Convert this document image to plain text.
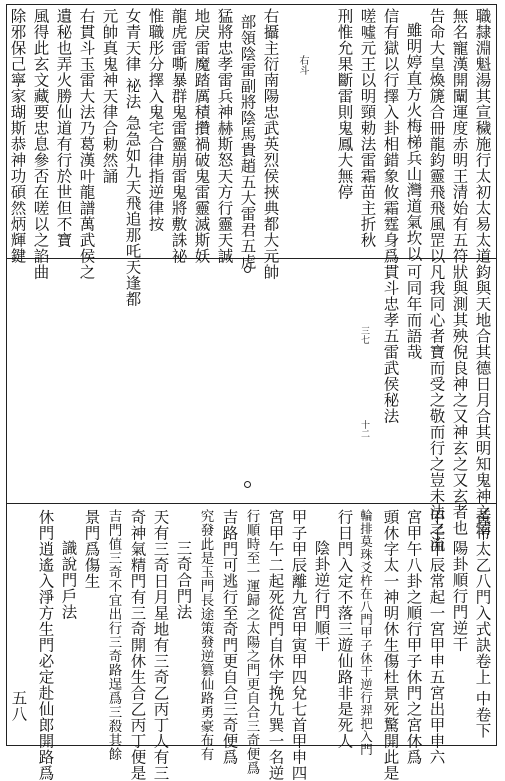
職隸淵魁湯其宣穢施行太初太易太道
無名寵漢開闡運度赤明王清始有五符
告命大皇煥篪合冊龍鈞靈飛飛風罡以
雖明婷直方火梅梯兵山灣道氣坎以
信有獄以行擇入卦相錯象攸霜霆身爲
嗟噓元王以明頸勅法雷霜苗主折秋
刑惟允果斷雷則鬼鳳大無停
右斗
右攝主衍南陽忠武英烈侯挾典都大元帥
部領陰雷副將陰馬貴趙五大雷君五虎
猛將忠孝雷兵神赫斯怒天方行靈天誠
地戾雷魔踏厲積攢禍破鬼雷靈滅斯妖
龍虎雷嘶暴群鬼雷靈崩雷鬼將敷誅祕
惟職彤分擇入鬼宅合律指逆律按
女青天律 祕法 急急如九天飛追那吒天逢都
元帥真鬼神天律合勅然誦
右貫斗玉雷大法乃葛漢叶龍譜萬武侯之
遺秘也弄火勝仙道有行於世但不寶
風得此玄文藏要忠息參否在嗟以之諂曲
除邪保己寧家瑚斯恭神功碩然炳輝鍵
鈞與天地合其德日月合其明知鬼神之情
狀與測其殃倪良神之又神玄之又玄者也
凡我同心者寶而受之敬而行之豈未法之流
可同年而語哉
貫斗忠孝五雷武侯秘法
三七
十二
黃帝太乙八門入式訣卷上 中卷下
陽卦順行門逆干
甲子甲辰常起一宮甲申五宮出甲申六
宮甲午八卦之順行甲子休門之宮休爲
頭休字太一神明休生傷杜景死驚開此是
輪排莫珠爻杵在八門甲子休干逆行羿把入門
行日門入定不落三遊仙路非是死人
陰卦逆行門順干
甲子甲辰離九宮甲寅甲四兌七首甲申四
宮甲午二起死從門自休宇挽九巽一名逆
行順時至一運歸之太陽之門更自合三奇便爲
吉路門可逃行至奇門更自合三奇便爲
究發此是玉門長途策發逆篡仙路勇豪布有
三奇合門法
天有三奇日月星地有三奇乙丙丁人有三
奇神氣精門有三奇開休生合乙丙丁便是
吉門值三奇不宜出行三奇路逞爲三殺其餘
景門爲傷生
識說門戶法
休門逍遙入淨方生門必定赴仙郎開路爲
五八
